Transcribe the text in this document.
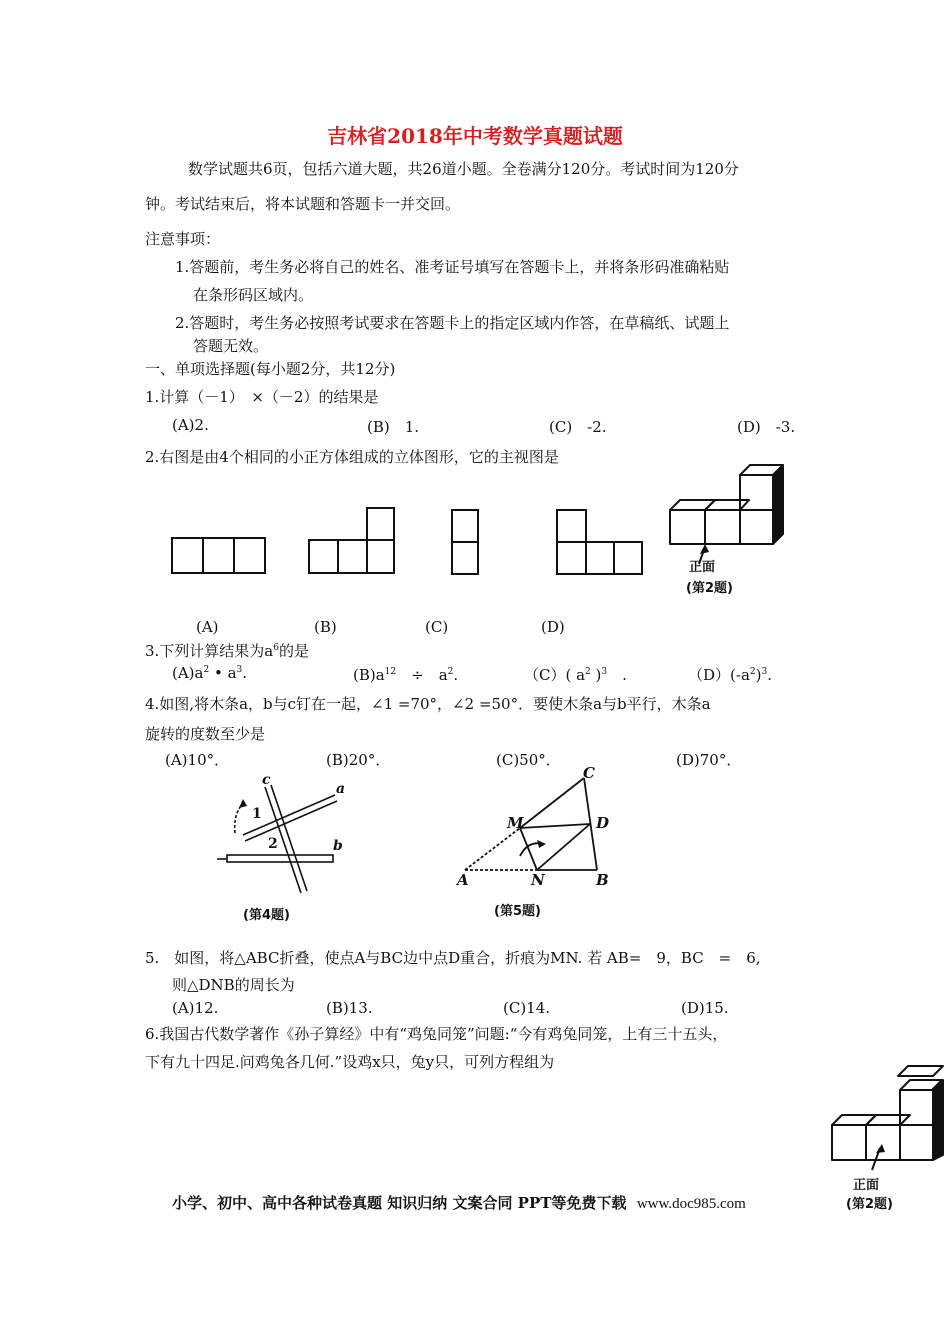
吉林省2018年中考数学真题试题
数学试题共6页，包括六道大题，共26道小题。全卷满分120分。考试时间为120分
钟。考试结束后，将本试题和答题卡一并交回。
注意事项：
1.答题前，考生务必将自己的姓名、准考证号填写在答题卡上，并将条形码准确粘贴
在条形码区域内。
2.答题时，考生务必按照考试要求在答题卡上的指定区域内作答，在草稿纸、试题上
答题无效。
一、单项选择题(每小题2分，共12分)
1.计算（－1）　×（－2）的结果是
(A)2.	(B)　1.	(C)　-2.	(D)　-3.
2.右图是由4个相同的小正方体组成的立体图形，它的主视图是
正面
(第2题)
(A)	(B)	(C)	(D)
3.下列计算结果为$a^6$的是
$(A)a^2$ • $a^3$.	$(B)a^{12}$　÷　$a^2$.	（C）( $a^2$ )$^3$　.	$(D)(-a^2)^3$.
4.如图,将木条a，b与c钉在一起，∠1 =70°，∠2 =50°．要使木条a与b平行，木条a
旋转的度数至少是
(A)10°．	(B)20°．	(C)50°．	(D)70°．
c
a
b
1
2
(第4题)
C
M	D
A	N	B
(第5题)
5.　如图，将△ABC折叠，使点A与BC边中点D重合，折痕为MN. 若 AB=　9，BC　=　6,
则△DNB的周长为
(A)12.	(B)13.	(C)14.	(D)15.
6.我国古代数学著作《孙子算经》中有“鸡兔同笼”问题:“今有鸡兔同笼，上有三十五头，
下有九十四足.问鸡兔各几何.”设鸡x只，兔y只，可列方程组为
正面
(第2题)
小学、初中、高中各种试卷真题 知识归纳 文案合同 PPT等免费下载 www.doc985.com
